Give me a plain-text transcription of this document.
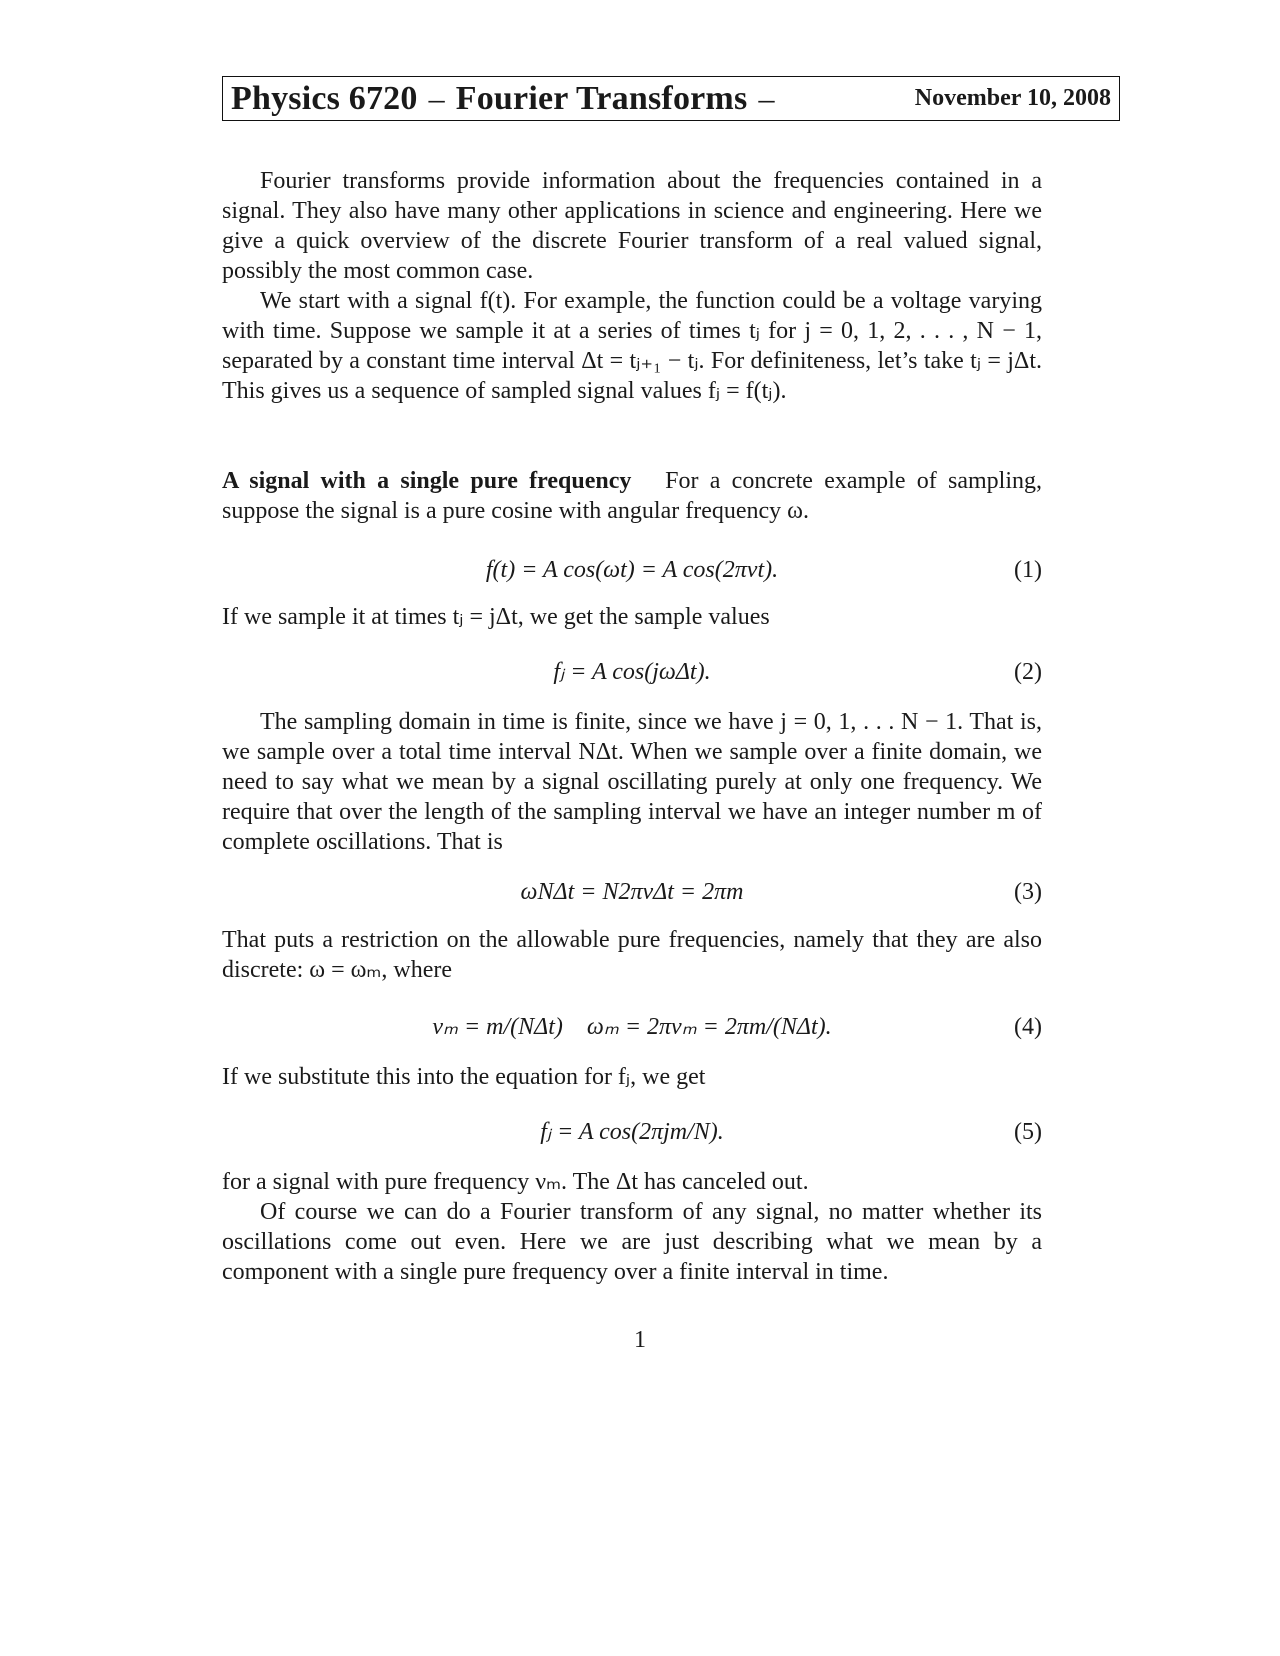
Physics 6720 – Fourier Transforms –	November 10, 2008
Fourier transforms provide information about the frequencies contained in a signal. They also have many other applications in science and engineering. Here we give a quick overview of the discrete Fourier transform of a real valued signal, possibly the most common case.
We start with a signal f(t). For example, the function could be a voltage varying with time. Suppose we sample it at a series of times tⱼ for j = 0, 1, 2, . . . , N − 1, separated by a constant time interval Δt = tⱼ₊₁ − tⱼ. For definiteness, let’s take tⱼ = jΔt. This gives us a sequence of sampled signal values fⱼ = f(tⱼ).
A signal with a single pure frequency For a concrete example of sampling, suppose the signal is a pure cosine with angular frequency ω.
f(t) = A cos(ωt) = A cos(2πνt).	(1)
If we sample it at times tⱼ = jΔt, we get the sample values
fⱼ = A cos(jωΔt).	(2)
The sampling domain in time is finite, since we have j = 0, 1, . . . N − 1. That is, we sample over a total time interval NΔt. When we sample over a finite domain, we need to say what we mean by a signal oscillating purely at only one frequency. We require that over the length of the sampling interval we have an integer number m of complete oscillations. That is
ωNΔt = N2πνΔt = 2πm	(3)
That puts a restriction on the allowable pure frequencies, namely that they are also discrete: ω = ωₘ, where
νₘ = m/(NΔt)    ωₘ = 2πνₘ = 2πm/(NΔt).	(4)
If we substitute this into the equation for fⱼ, we get
fⱼ = A cos(2πjm/N).	(5)
for a signal with pure frequency νₘ. The Δt has canceled out.
Of course we can do a Fourier transform of any signal, no matter whether its oscillations come out even. Here we are just describing what we mean by a component with a single pure frequency over a finite interval in time.
1
